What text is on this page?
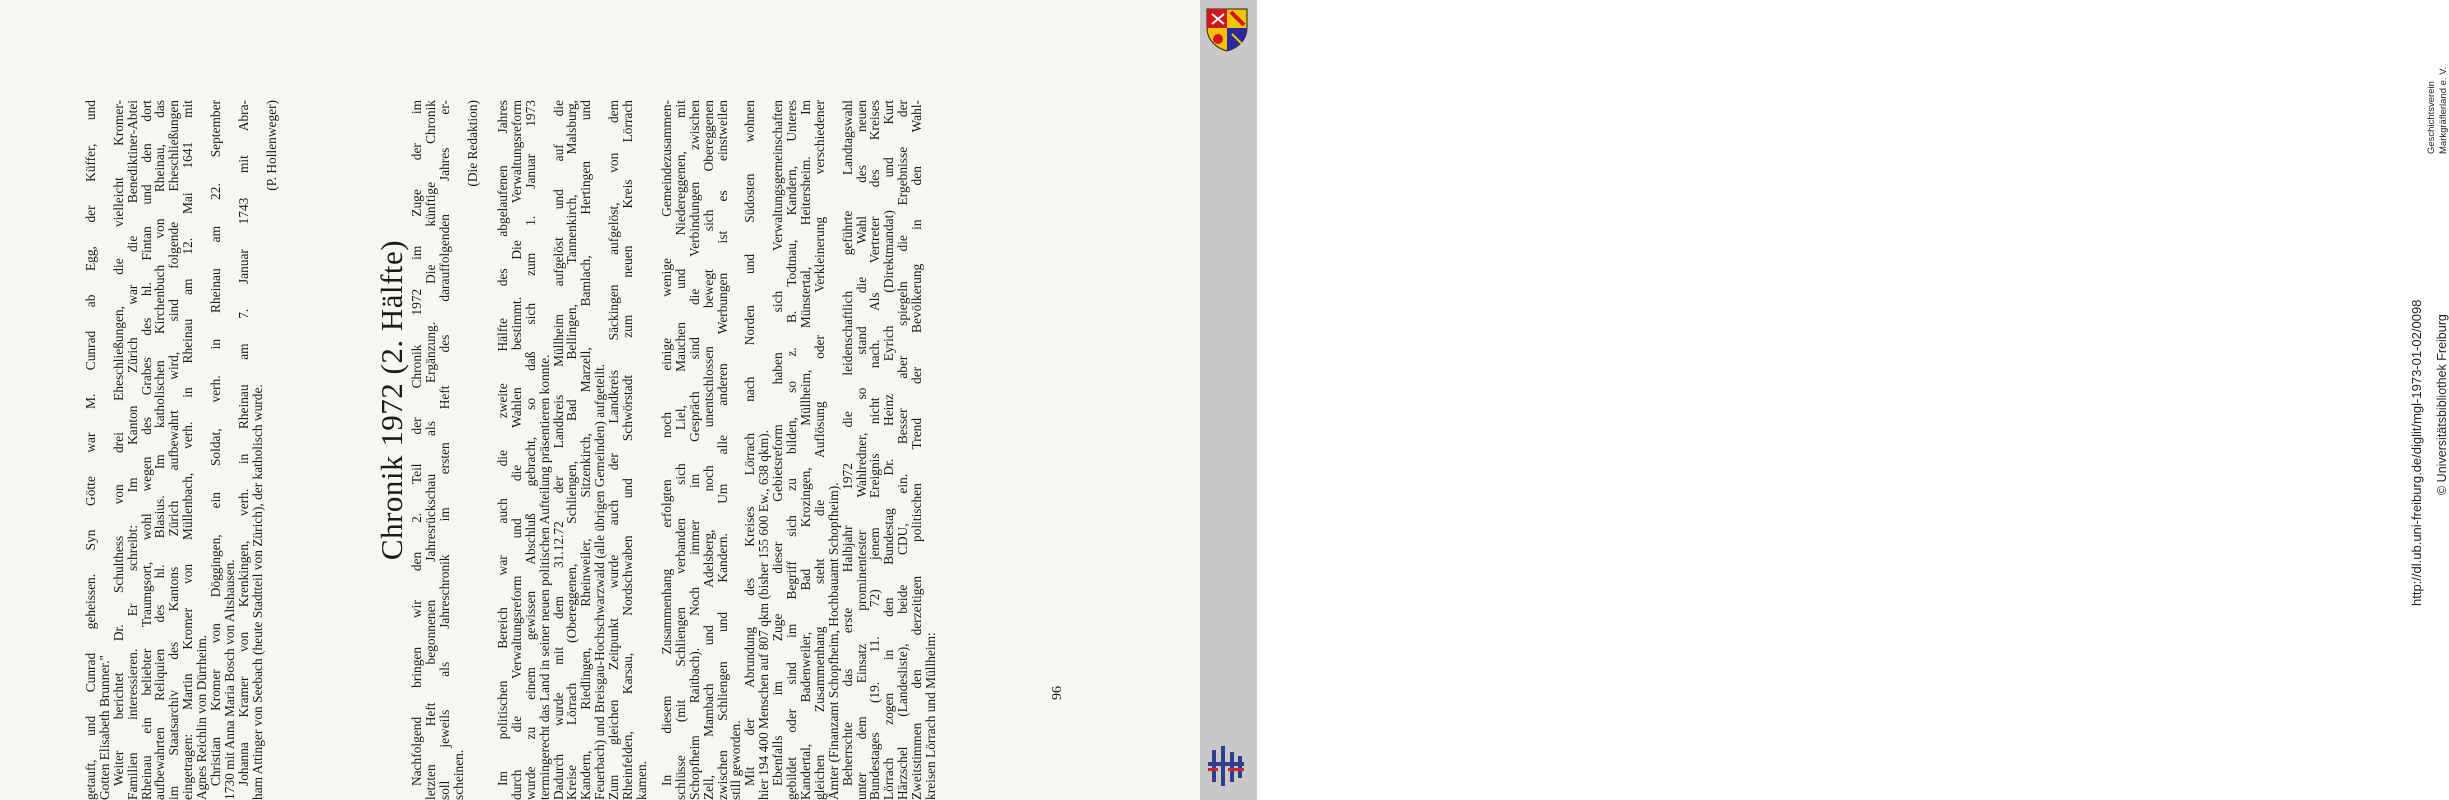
getauft, und Cunrad geheissen. Syn Götte war M. Cunrad ab Egg, der Küffer, und
Gotten Elisabeth Brunner."
Weiter berichtet Dr. Schulthess von drei Eheschließungen, die vielleicht Kromer-
Familien interessieren. Er schreibt: Im Kanton Zürich war die Benediktiner-Abtei
Rheinau ein beliebter Traumgsort, wohl wegen des Grabes des hl. Fintan und den dort
aufbewahrten Reliquien des hl. Blasius. Im katholischen Kirchenbuch von Rheinau, das
im Staatsarchiv des Kantons Zürich aufbewahrt wird, sind folgende Eheschließungen
eingetragen: Martin Kromer von Müllenbach, verh. in Rheinau am 12. Mai 1641 mit
Agnes Reichlin von Dürrheim.
Christian Kromer von Döggingen, ein Soldat, verh. in Rheinau am 22. September
1730 mit Anna Maria Bosch von Altshausen.
Johanna Kramer von Krenkingen, verh. in Rheinau am 7. Januar 1743 mit Abra-
ham Attinger von Seebach (heute Stadtteil von Zürich), der katholisch wurde.
(P. Hollenweger)
Chronik 1972 (2. Hälfte) Nachfolgend bringen wir den 2. Teil der Chronik 1972 im Zuge der im
letzten Heft begonnenen Jahresrückschau als Ergänzung. Die künftige Chronik
soll jeweils als Jahreschronik im ersten Heft des darauffolgenden Jahres er-
scheinen.
(Die Redaktion) Im politischen Bereich war auch die zweite Hälfte des abgelaufenen Jahres
durch die Verwaltungsreform und die Wahlen bestimmt. Die Verwaltungsreform
wurde zu einem gewissen Abschluß gebracht, so daß sich zum 1. Januar 1973
termingerecht das Land in seiner neuen politischen Aufteilung präsentieren konnte.
Dadurch wurde mit dem 31.12.72 der Landkreis Müllheim aufgelöst und auf die
Kreise Lörrach (Obereggenen, Schliengen, Bad Bellingen, Tannenkirch, Malsburg,
Kandern, Riedlingen, Rheinweiler, Sitzenkirch, Marzell, Bamlach, Hertingen und
Feuerbach) und Breisgau-Hochschwarzwald (alle übrigen Gemeinden) aufgeteilt.
Zum gleichen Zeitpunkt wurde auch der Landkreis Säckingen aufgelöst, von dem
Rheinfelden, Karsau, Nordschwaben und Schwörstadt zum neuen Kreis Lörrach
kamen. In diesem Zusammenhang erfolgten noch einige wenige Gemeindezusammen-
schlüsse (mit Schliengen verbanden sich Liel, Mauchen und Niedereggenen, mit
Schopfheim Raitbach). Noch immer im Gespräch sind die Verbindungen zwischen
Zell, Mambach und Adelsberg, noch unentschlossen bewegt sich Obereggenen
zwischen Schliengen und Kandern. Um alle anderen Werbungen ist es einstweilen
still geworden.
Mit der Abrundung des Kreises Lörrach nach Norden und Südosten wohnen
hier 194 400 Menschen auf 807 qkm (bisher 155 600 Ew., 638 qkm).
Ebenfalls im Zuge dieser Gebietsreform haben sich Verwaltungsgemeinschaften
gebildet oder sind im Begriff sich zu bilden, so z. B. Todtnau, Kandern, Unteres
Kandertal, Badenweiler, Bad Krozingen, Müllheim, Münstertal, Heitersheim. Im
gleichen Zusammenhang steht die Auflösung oder Verkleinerung verschiedener
Ämter (Finanzamt Schopfheim, Hochbauamt Schopfheim).
Beherrschte das erste Halbjahr 1972 die leidenschaftlich geführte Landtagswahl
unter dem Einsatz prominentester Wahlredner, so stand die Wahl des neuen
Bundestages (19. 11. 72) jenem Ereignis nicht nach. Als Vertreter des Kreises
Lörrach zogen in den Bundestag Dr. Heinz Eyrich (Direktmandat) und Kurt
Härzschel (Landesliste), beide CDU, ein. Besser aber spiegeln die Ergebnisse der
Zweitstimmen den derzeitigen politischen Trend der Bevölkerung in den Wahl-
kreisen Lörrach und Müllheim:	96
http://dl.ub.uni-freiburg.de/diglit/mgl-1973-01-02/0098 © Universitätsbibliothek Freiburg
Geschichtsverein Markgräflerland e. V.
